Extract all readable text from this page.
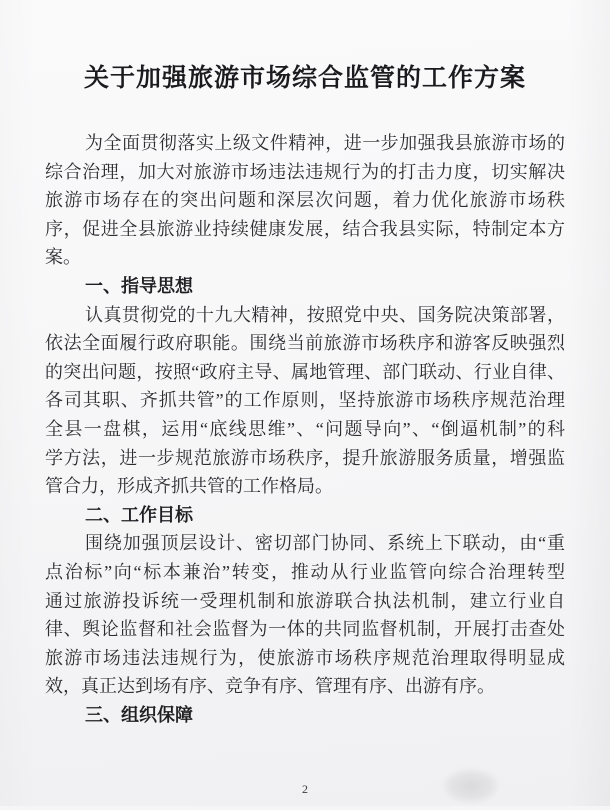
关于加强旅游市场综合监管的工作方案
为全面贯彻落实上级文件精神，进一步加强我县旅游市场的
综合治理，加大对旅游市场违法违规行为的打击力度，切实解决
旅游市场存在的突出问题和深层次问题，着力优化旅游市场秩
序，促进全县旅游业持续健康发展，结合我县实际，特制定本方
案。
一、指导思想
认真贯彻党的十九大精神，按照党中央、国务院决策部署，
依法全面履行政府职能。围绕当前旅游市场秩序和游客反映强烈
的突出问题，按照“政府主导、属地管理、部门联动、行业自律、
各司其职、齐抓共管”的工作原则，坚持旅游市场秩序规范治理
全县一盘棋，运用“底线思维”、“问题导向”、“倒逼机制”的科
学方法，进一步规范旅游市场秩序，提升旅游服务质量，增强监
管合力，形成齐抓共管的工作格局。
二、工作目标
围绕加强顶层设计、密切部门协同、系统上下联动，由“重
点治标”向“标本兼治”转变，推动从行业监管向综合治理转型
通过旅游投诉统一受理机制和旅游联合执法机制，建立行业自
律、舆论监督和社会监督为一体的共同监督机制，开展打击查处
旅游市场违法违规行为，使旅游市场秩序规范治理取得明显成
效，真正达到场有序、竞争有序、管理有序、出游有序。
三、组织保障
2
